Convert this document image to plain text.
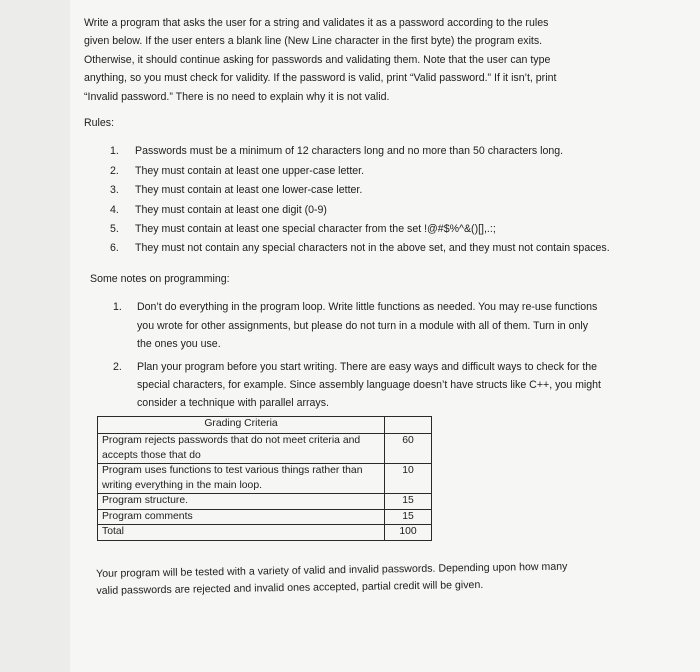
Write a program that asks the user for a string and validates it as a password according to the rules

given below. If the user enters a blank line (New Line character in the first byte) the program exits.

Otherwise, it should continue asking for passwords and validating them. Note that the user can type

anything, so you must check for validity. If the password is valid, print “Valid password.” If it isn’t, print

“Invalid password.” There is no need to explain why it is not valid.

Rules:
1.	Passwords must be a minimum of 12 characters long and no more than 50 characters long.
2.	They must contain at least one upper-case letter.
3.	They must contain at least one lower-case letter.
4.	They must contain at least one digit (0-9)
5.	They must contain at least one special character from the set !@#$%^&()[],.:;
6.	They must not contain any special characters not in the above set, and they must not contain spaces.
Some notes on programming:
1.	Don’t do everything in the program loop. Write little functions as needed. You may re-use functions you wrote for other assignments, but please do not turn in a module with all of them. Turn in only the ones you use.
2.	Plan your program before you start writing. There are easy ways and difficult ways to check for the special characters, for example. Since assembly language doesn’t have structs like C++, you might consider a technique with parallel arrays.
Grading Criteria	
Program rejects passwords that do not meet criteria and accepts those that do	60
Program uses functions to test various things rather than writing everything in the main loop.	10
Program structure.	15
Program comments	15
Total	100
Your program will be tested with a variety of valid and invalid passwords. Depending upon how many
valid passwords are rejected and invalid ones accepted, partial credit will be given.
